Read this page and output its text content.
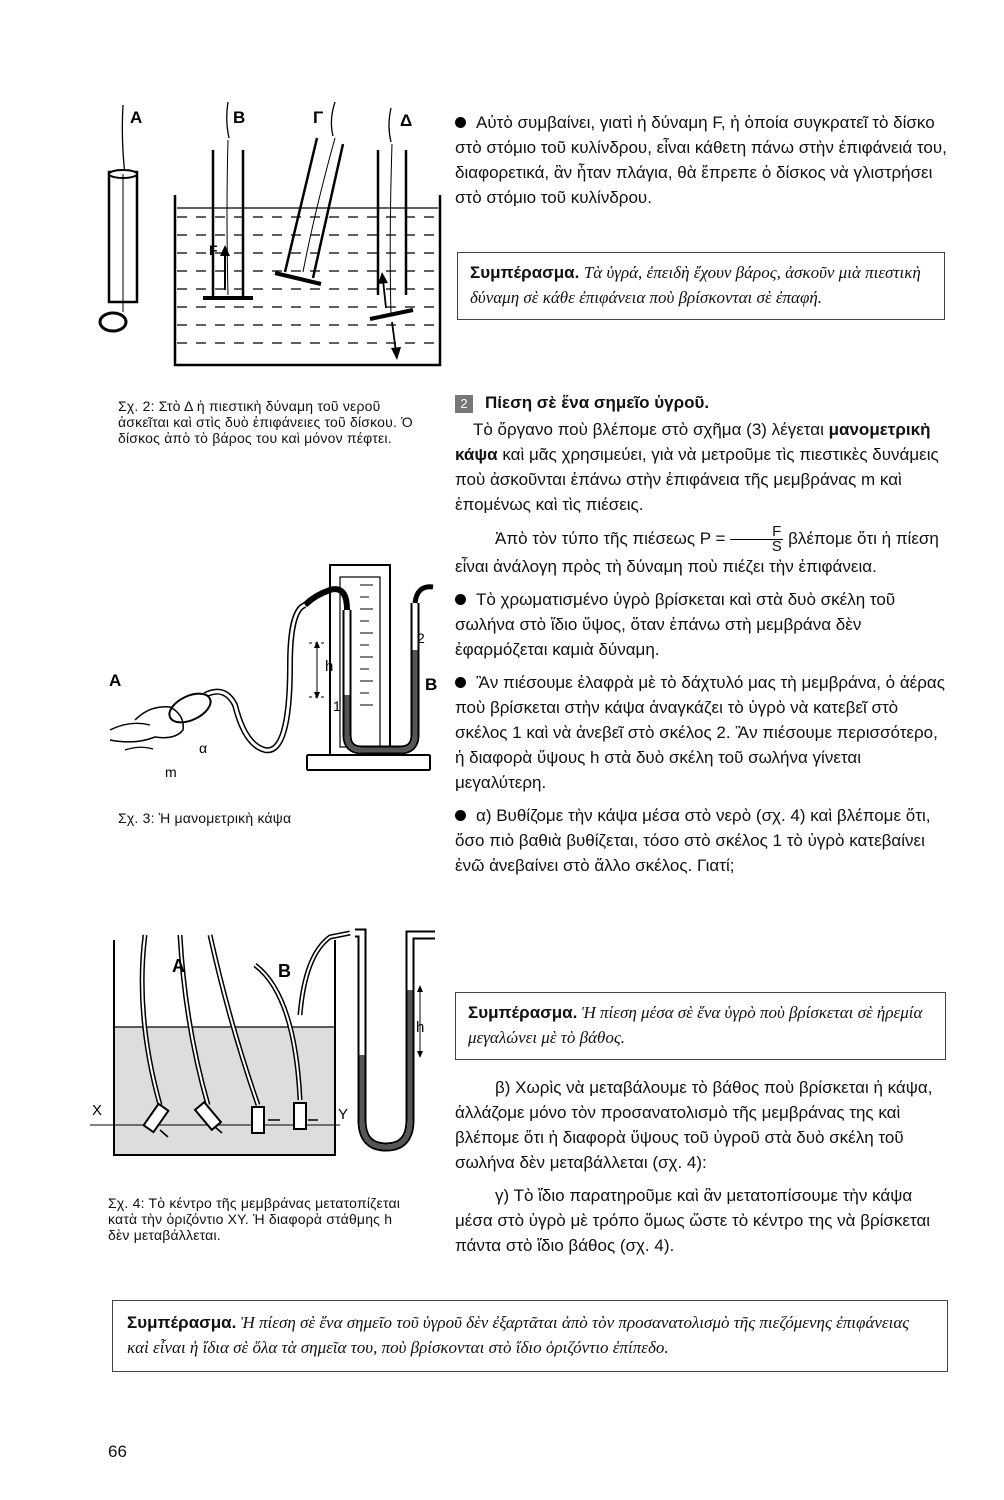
Α	Β
F
Γ	Δ
Σχ. 2: Στὸ Δ ἡ πιεστικὴ δύναμη τοῦ νεροῦ ἀσκεῖται καὶ στὶς δυὸ ἐπιφάνειες τοῦ δίσκου. Ὁ δίσκος ἀπὸ τὸ βάρος του καὶ μόνον πέφτει.
h
1
2
Α	Β
α
m
Σχ. 3: Ἡ μανομετρικὴ κάψα
X	Y
Α	Β
h
Σχ. 4: Τὸ κέντρο τῆς μεμβράνας μετατοπίζεται κατὰ τὴν ὁριζόντιο ΧΥ. Ἡ διαφορὰ στάθμης h δὲν μεταβάλλεται.

Αὐτὸ συμβαίνει, γιατὶ ἡ δύναμη F, ἡ ὁποία συγκρατεῖ τὸ δίσκο στὸ στόμιο τοῦ κυλίνδρου, εἶναι κάθετη πάνω στὴν ἐπιφάνειά του, διαφορετικά, ἂν ἦταν πλάγια, θὰ ἔπρεπε ὁ δίσκος νὰ γλιστρήσει στὸ στόμιο τοῦ κυλίνδρου.

Συμπέρασμα. Τὰ ὑγρά, ἐπειδὴ ἔχουν βάρος, ἀσκοῦν μιὰ πιεστικὴ δύναμη σὲ κάθε ἐπιφάνεια ποὺ βρίσκονται σὲ ἐπαφή.

2 Πίεση σὲ ἕνα σημεῖο ὑγροῦ.

Τὸ ὄργανο ποὺ βλέπομε στὸ σχῆμα (3) λέγεται μανομετρικὴ κάψα καὶ μᾶς χρησιμεύει, γιὰ νὰ μετροῦμε τὶς πιεστικὲς δυνάμεις ποὺ ἀσκοῦνται ἐπάνω στὴν ἐπιφάνεια τῆς μεμβράνας m καὶ ἑπομένως καὶ τὶς πιέσεις.

Ἀπὸ τὸν τύπο τῆς πιέσεως $P = \frac{F}{S}$ βλέπομε ὅτι ἡ πίεση εἶναι ἀνάλογη πρὸς τὴ δύναμη ποὺ πιέζει τὴν ἐπιφάνεια.

Τὸ χρωματισμένο ὑγρὸ βρίσκεται καὶ στὰ δυὸ σκέλη τοῦ σωλήνα στὸ ἴδιο ὕψος, ὅταν ἐπάνω στὴ μεμβράνα δὲν ἐφαρμόζεται καμιὰ δύναμη.

Ἂν πιέσουμε ἐλαφρὰ μὲ τὸ δάχτυλό μας τὴ μεμβράνα, ὁ ἀέρας ποὺ βρίσκεται στὴν κάψα ἀναγκάζει τὸ ὑγρὸ νὰ κατεβεῖ στὸ σκέλος 1 καὶ νὰ ἀνεβεῖ στὸ σκέλος 2. Ἂν πιέσουμε περισσότερο, ἡ διαφορὰ ὕψους h στὰ δυὸ σκέλη τοῦ σωλήνα γίνεται μεγαλύτερη.

α) Βυθίζομε τὴν κάψα μέσα στὸ νερὸ (σχ. 4) καὶ βλέπομε ὅτι, ὅσο πιὸ βαθιὰ βυθίζεται, τόσο στὸ σκέλος 1 τὸ ὑγρὸ κατεβαίνει ἐνῶ ἀνεβαίνει στὸ ἄλλο σκέλος. Γιατί;

Συμπέρασμα. Ἡ πίεση μέσα σὲ ἕνα ὑγρὸ ποὺ βρίσκεται σὲ ἠρεμία μεγαλώνει μὲ τὸ βάθος.

β) Χωρὶς νὰ μεταβάλουμε τὸ βάθος ποὺ βρίσκεται ἡ κάψα, ἀλλάζομε μόνο τὸν προσανατολισμὸ τῆς μεμβράνας της καὶ βλέπομε ὅτι ἡ διαφορὰ ὕψους τοῦ ὑγροῦ στὰ δυὸ σκέλη τοῦ σωλήνα δὲν μεταβάλλεται (σχ. 4):

γ) Τὸ ἴδιο παρατηροῦμε καὶ ἂν μετατοπίσουμε τὴν κάψα μέσα στὸ ὑγρὸ μὲ τρόπο ὅμως ὥστε τὸ κέντρο της νὰ βρίσκεται πάντα στὸ ἴδιο βάθος (σχ. 4).

Συμπέρασμα. Ἡ πίεση σὲ ἕνα σημεῖο τοῦ ὑγροῦ δὲν ἐξαρτᾶται ἀπὸ τὸν προσανατολισμὸ τῆς πιεζόμενης ἐπιφάνειας καὶ εἶναι ἡ ἴδια σὲ ὅλα τὰ σημεῖα του, ποὺ βρίσκονται στὸ ἴδιο ὁριζόντιο ἐπίπεδο.
66
